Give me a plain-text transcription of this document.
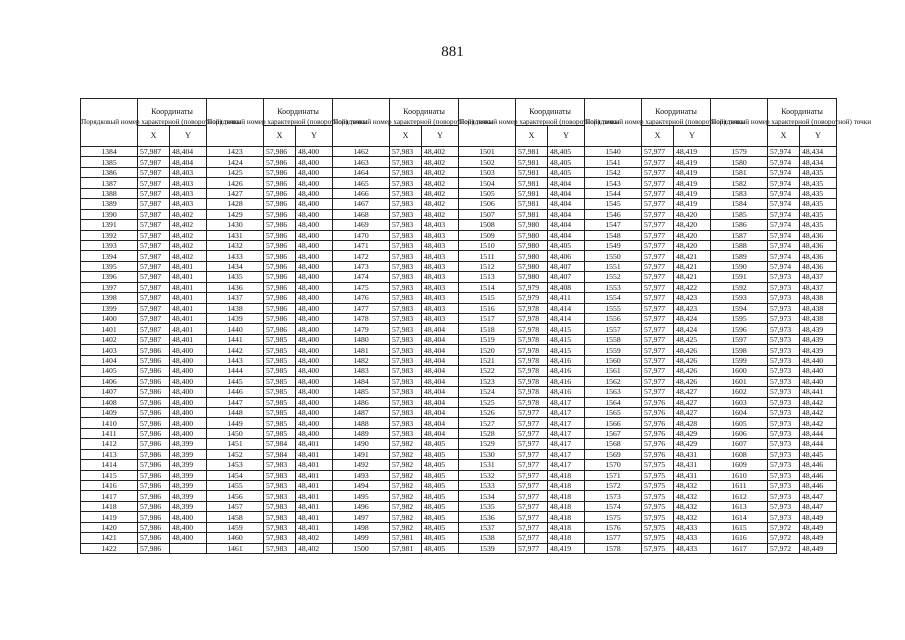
881
Порядковый номер характерной (поворотной) точки	Координаты		Порядковый номер характерной (поворотной) точки	Координаты		Порядковый номер характерной (поворотной) точки	Координаты		Порядковый номер характерной (поворотной) точки	Координаты		Порядковый номер характерной (поворотной) точки	Координаты		Порядковый номер характерной (поворотной) точки	Координаты	
	X	Y		X	Y		X	Y		X	Y		X	Y		X	Y
1384	57,987	48,404	1423	57,986	48,400	1462	57,983	48,402	1501	57,981	48,405	1540	57,977	48,419	1579	57,974	48,434
1385	57,987	48,404	1424	57,986	48,400	1463	57,983	48,402	1502	57,981	48,405	1541	57,977	48,419	1580	57,974	48,434
1386	57,987	48,403	1425	57,986	48,400	1464	57,983	48,402	1503	57,981	48,405	1542	57,977	48,419	1581	57,974	48,435
1387	57,987	48,403	1426	57,986	48,400	1465	57,983	48,402	1504	57,981	48,404	1543	57,977	48,419	1582	57,974	48,435
1388	57,987	48,403	1427	57,986	48,400	1466	57,983	48,402	1505	57,981	48,404	1544	57,977	48,419	1583	57,974	48,435
1389	57,987	48,403	1428	57,986	48,400	1467	57,983	48,402	1506	57,981	48,404	1545	57,977	48,419	1584	57,974	48,435
1390	57,987	48,402	1429	57,986	48,400	1468	57,983	48,402	1507	57,981	48,404	1546	57,977	48,420	1585	57,974	48,435
1391	57,987	48,402	1430	57,986	48,400	1469	57,983	48,403	1508	57,980	48,404	1547	57,977	48,420	1586	57,974	48,435
1392	57,987	48,402	1431	57,986	48,400	1470	57,983	48,403	1509	57,980	48,404	1548	57,977	48,420	1587	57,974	48,436
1393	57,987	48,402	1432	57,986	48,400	1471	57,983	48,403	1510	57,980	48,405	1549	57,977	48,420	1588	57,974	48,436
1394	57,987	48,402	1433	57,986	48,400	1472	57,983	48,403	1511	57,980	48,406	1550	57,977	48,421	1589	57,974	48,436
1395	57,987	48,401	1434	57,986	48,400	1473	57,983	48,403	1512	57,980	48,407	1551	57,977	48,421	1590	57,974	48,436
1396	57,987	48,401	1435	57,986	48,400	1474	57,983	48,403	1513	57,980	48,407	1552	57,977	48,421	1591	57,973	48,437
1397	57,987	48,401	1436	57,986	48,400	1475	57,983	48,403	1514	57,979	48,408	1553	57,977	48,422	1592	57,973	48,437
1398	57,987	48,401	1437	57,986	48,400	1476	57,983	48,403	1515	57,979	48,411	1554	57,977	48,423	1593	57,973	48,438
1399	57,987	48,401	1438	57,986	48,400	1477	57,983	48,403	1516	57,978	48,414	1555	57,977	48,423	1594	57,973	48,438
1400	57,987	48,401	1439	57,986	48,400	1478	57,983	48,403	1517	57,978	48,414	1556	57,977	48,424	1595	57,973	48,438
1401	57,987	48,401	1440	57,986	48,400	1479	57,983	48,404	1518	57,978	48,415	1557	57,977	48,424	1596	57,973	48,439
1402	57,987	48,401	1441	57,985	48,400	1480	57,983	48,404	1519	57,978	48,415	1558	57,977	48,425	1597	57,973	48,439
1403	57,986	48,400	1442	57,985	48,400	1481	57,983	48,404	1520	57,978	48,415	1559	57,977	48,426	1598	57,973	48,439
1404	57,986	48,400	1443	57,985	48,400	1482	57,983	48,404	1521	57,978	48,416	1560	57,977	48,426	1599	57,973	48,440
1405	57,986	48,400	1444	57,985	48,400	1483	57,983	48,404	1522	57,978	48,416	1561	57,977	48,426	1600	57,973	48,440
1406	57,986	48,400	1445	57,985	48,400	1484	57,983	48,404	1523	57,978	48,416	1562	57,977	48,426	1601	57,973	48,440
1407	57,986	48,400	1446	57,985	48,400	1485	57,983	48,404	1524	57,978	48,416	1563	57,977	48,427	1602	57,973	48,441
1408	57,986	48,400	1447	57,985	48,400	1486	57,983	48,404	1525	57,978	48,417	1564	57,976	48,427	1603	57,973	48,442
1409	57,986	48,400	1448	57,985	48,400	1487	57,983	48,404	1526	57,977	48,417	1565	57,976	48,427	1604	57,973	48,442
1410	57,986	48,400	1449	57,985	48,400	1488	57,983	48,404	1527	57,977	48,417	1566	57,976	48,428	1605	57,973	48,442
1411	57,986	48,400	1450	57,985	48,400	1489	57,983	48,404	1528	57,977	48,417	1567	57,976	48,429	1606	57,973	48,444
1412	57,986	48,399	1451	57,984	48,401	1490	57,982	48,405	1529	57,977	48,417	1568	57,976	48,429	1607	57,973	48,444
1413	57,986	48,399	1452	57,984	48,401	1491	57,982	48,405	1530	57,977	48,417	1569	57,976	48,431	1608	57,973	48,445
1414	57,986	48,399	1453	57,983	48,401	1492	57,982	48,405	1531	57,977	48,417	1570	57,975	48,431	1609	57,973	48,446
1415	57,986	48,399	1454	57,983	48,401	1493	57,982	48,405	1532	57,977	48,418	1571	57,975	48,431	1610	57,973	48,446
1416	57,986	48,399	1455	57,983	48,401	1494	57,982	48,405	1533	57,977	48,418	1572	57,975	48,432	1611	57,973	48,446
1417	57,986	48,399	1456	57,983	48,401	1495	57,982	48,405	1534	57,977	48,418	1573	57,975	48,432	1612	57,973	48,447
1418	57,986	48,399	1457	57,983	48,401	1496	57,982	48,405	1535	57,977	48,418	1574	57,975	48,432	1613	57,973	48,447
1419	57,986	48,400	1458	57,983	48,401	1497	57,982	48,405	1536	57,977	48,418	1575	57,975	48,432	1614	57,973	48,449
1420	57,986	48,400	1459	57,983	48,401	1498	57,982	48,405	1537	57,977	48,418	1576	57,975	48,433	1615	57,972	48,449
1421	57,986	48,400	1460	57,983	48,402	1499	57,981	48,405	1538	57,977	48,418	1577	57,975	48,433	1616	57,972	48,449
1422	57,986		1461	57,983	48,402	1500	57,981	48,405	1539	57,977	48,419	1578	57,975	48,433	1617	57,972	48,449
